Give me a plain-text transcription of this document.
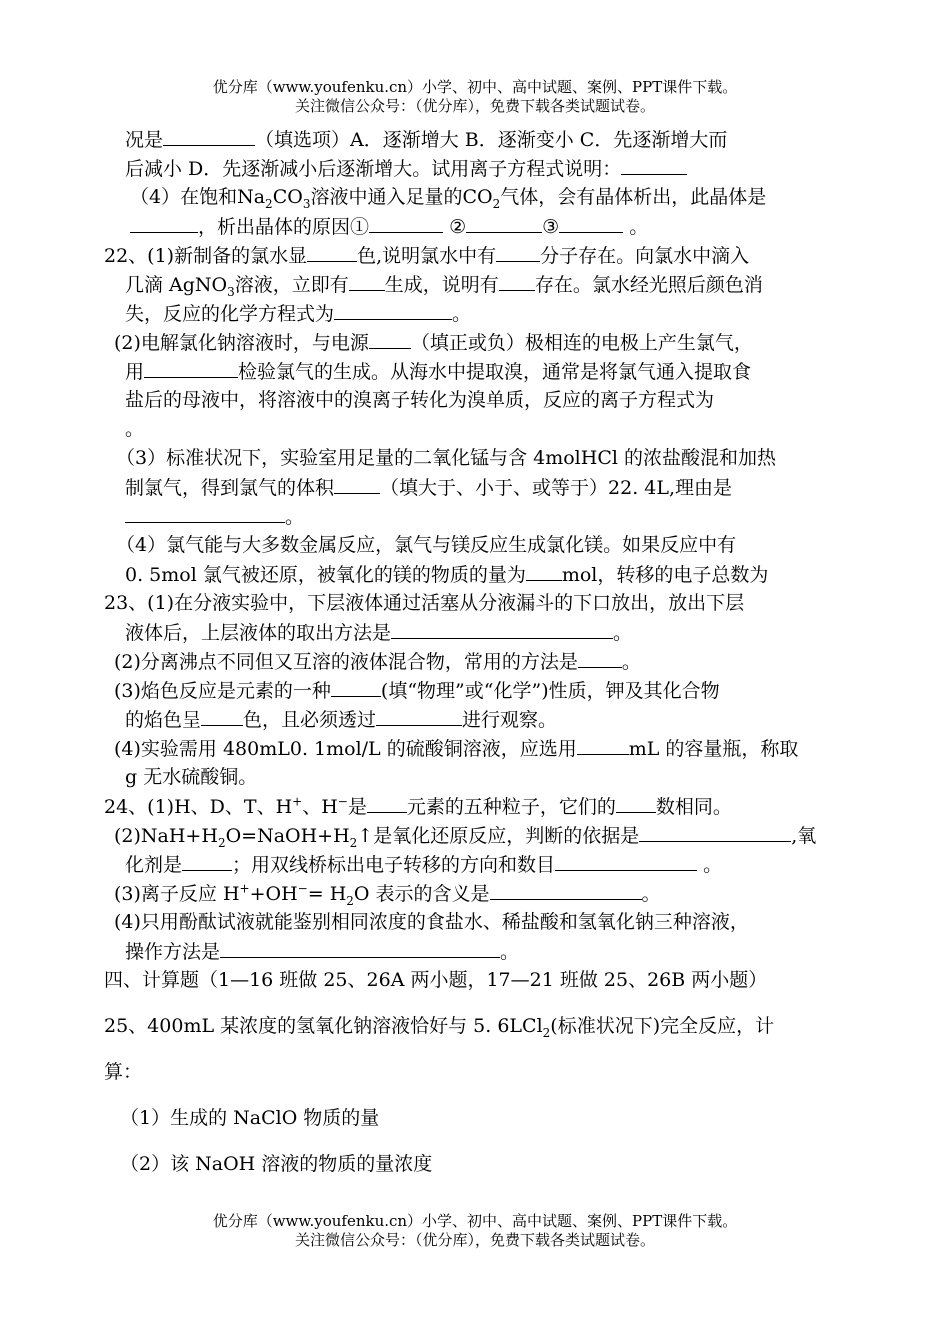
优分库（www.youfenku.cn）小学、初中、高中试题、案例、PPT课件下载。
关注微信公众号：（优分库），免费下载各类试题试卷。
况是	（填选项）A．逐渐增大 B．逐渐变小 C．先逐渐增大而
后减小 D．先逐渐减小后逐渐增大。试用离子方程式说明：
（4）在饱和$Na_2CO_3$溶液中通入足量的$CO_2$气体，会有晶体析出，此晶体是
，析出晶体的原因①	②	③	。
22、(1)新制备的氯水显	色,说明氯水中有 分子存在。向氯水中滴入
几滴 AgNO$_3$溶液，立即有 生成，说明有 存在。氯水经光照后颜色消
失，反应的化学方程式为	。
(2)电解氯化钠溶液时，与电源 （填正或负）极相连的电极上产生氯气，
用	检验氯气的生成。从海水中提取溴，通常是将氯气通入提取食
盐后的母液中，将溶液中的溴离子转化为溴单质，反应的离子方程式为
。
（3）标准状况下，实验室用足量的二氧化锰与含 4molHCl 的浓盐酸混和加热
制氯气，得到氯气的体积 （填大于、小于、或等于）22. 4L,理由是
。
（4）氯气能与大多数金属反应，氯气与镁反应生成氯化镁。如果反应中有
0. 5mol 氯气被还原，被氧化的镁的物质的量为 mol，转移的电子总数为
23、(1)在分液实验中，下层液体通过活塞从分液漏斗的下口放出，放出下层
液体后，上层液体的取出方法是	。
(2)分离沸点不同但又互溶的液体混合物，常用的方法是 。
(3)焰色反应是元素的一种	(填“物理”或“化学”)性质，钾及其化合物
的焰色呈 色，且必须透过	进行观察。
(4)实验需用 480mL0. 1mol/L 的硫酸铜溶液，应选用	mL 的容量瓶，称取
g 无水硫酸铜。
24、(1)H、D、T、H+、H−是 元素的五种粒子，它们的 数相同。
$(2)NaH+H_2O=NaOH+H_2↑$是氧化还原反应，判断的依据是	,氧
化剂是	；用双线桥标出电子转移的方向和数目	。
(3)离子反应 $H^++OH^-= H_2O$ 表示的含义是	。
(4)只用酚酞试液就能鉴别相同浓度的食盐水、稀盐酸和氢氧化钠三种溶液，
操作方法是	。
四、计算题（1—16 班做 25、26A 两小题，17—21 班做 25、26B 两小题）
25、400mL 某浓度的氢氧化钠溶液恰好与 5. 6LCl$_2$(标准状况下)完全反应，计
算：
（1）生成的 NaClO 物质的量
（2）该 NaOH 溶液的物质的量浓度
优分库（www.youfenku.cn）小学、初中、高中试题、案例、PPT课件下载。
关注微信公众号：（优分库），免费下载各类试题试卷。
